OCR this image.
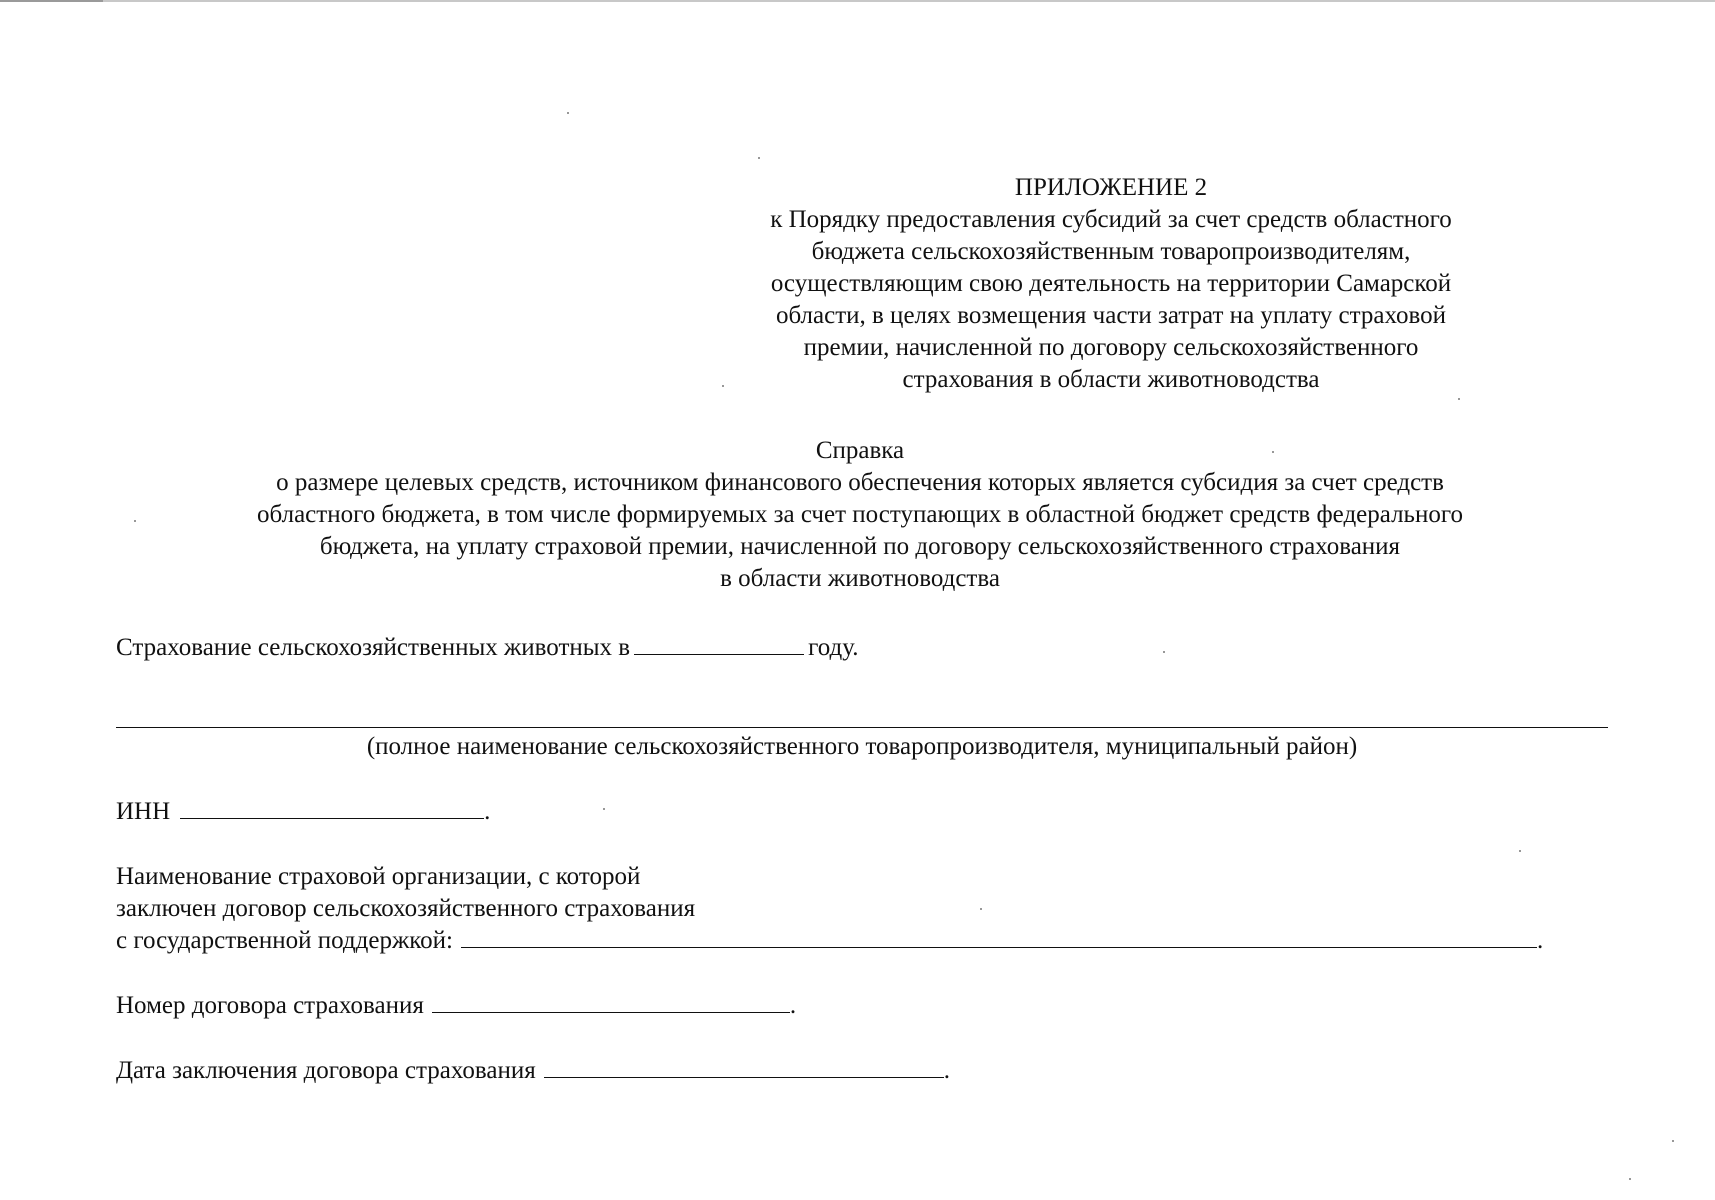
ПРИЛОЖЕНИЕ 2
к Порядку предоставления субсидий за счет средств областного
бюджета сельскохозяйственным товаропроизводителям,
осуществляющим свою деятельность на территории Самарской
области, в целях возмещения части затрат на уплату страховой
премии, начисленной по договору сельскохозяйственного
страхования в области животноводства
Справка
о размере целевых средств, источником финансового обеспечения которых является субсидия за счет средств
областного бюджета, в том числе формируемых за счет поступающих в областной бюджет средств федерального
бюджета, на уплату страховой премии, начисленной по договору сельскохозяйственного страхования
в области животноводства
Страхование сельскохозяйственных животных в	году.
(полное наименование сельскохозяйственного товаропроизводителя, муниципальный район)
ИНН	.
Наименование страховой организации, с которой
заключен договор сельскохозяйственного страхования
с государственной поддержкой:	.
Номер договора страхования	.
Дата заключения договора страхования	.
